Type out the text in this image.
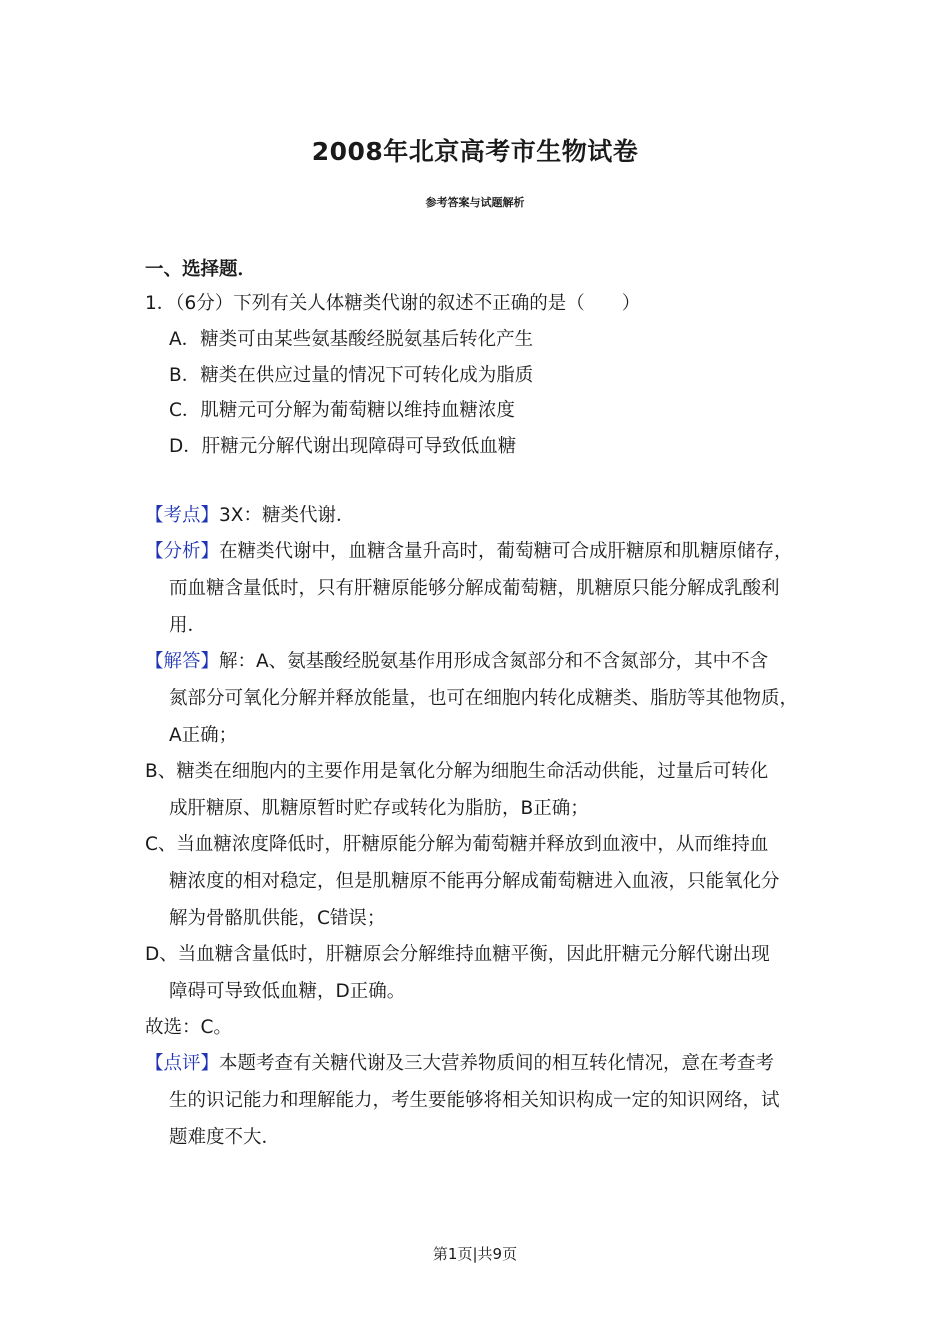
2008年北京高考市生物试卷
参考答案与试题解析
一、选择题．
1．（6分）下列有关人体糖类代谢的叙述不正确的是（　　）
A．糖类可由某些氨基酸经脱氨基后转化产生
B．糖类在供应过量的情况下可转化成为脂质
C．肌糖元可分解为葡萄糖以维持血糖浓度
D．肝糖元分解代谢出现障碍可导致低血糖
【考点】3X：糖类代谢．
【分析】在糖类代谢中，血糖含量升高时，葡萄糖可合成肝糖原和肌糖原储存，
而血糖含量低时，只有肝糖原能够分解成葡萄糖，肌糖原只能分解成乳酸利
用．
【解答】解：A、氨基酸经脱氨基作用形成含氮部分和不含氮部分，其中不含
氮部分可氧化分解并释放能量，也可在细胞内转化成糖类、脂肪等其他物质，
A正确；
B、糖类在细胞内的主要作用是氧化分解为细胞生命活动供能，过量后可转化
成肝糖原、肌糖原暂时贮存或转化为脂肪，B正确；
C、当血糖浓度降低时，肝糖原能分解为葡萄糖并释放到血液中，从而维持血
糖浓度的相对稳定，但是肌糖原不能再分解成葡萄糖进入血液，只能氧化分
解为骨骼肌供能，C错误；
D、当血糖含量低时，肝糖原会分解维持血糖平衡，因此肝糖元分解代谢出现
障碍可导致低血糖，D正确。
故选：C。
【点评】本题考查有关糖代谢及三大营养物质间的相互转化情况，意在考查考
生的识记能力和理解能力，考生要能够将相关知识构成一定的知识网络，试
题难度不大．
第1页|共9页
